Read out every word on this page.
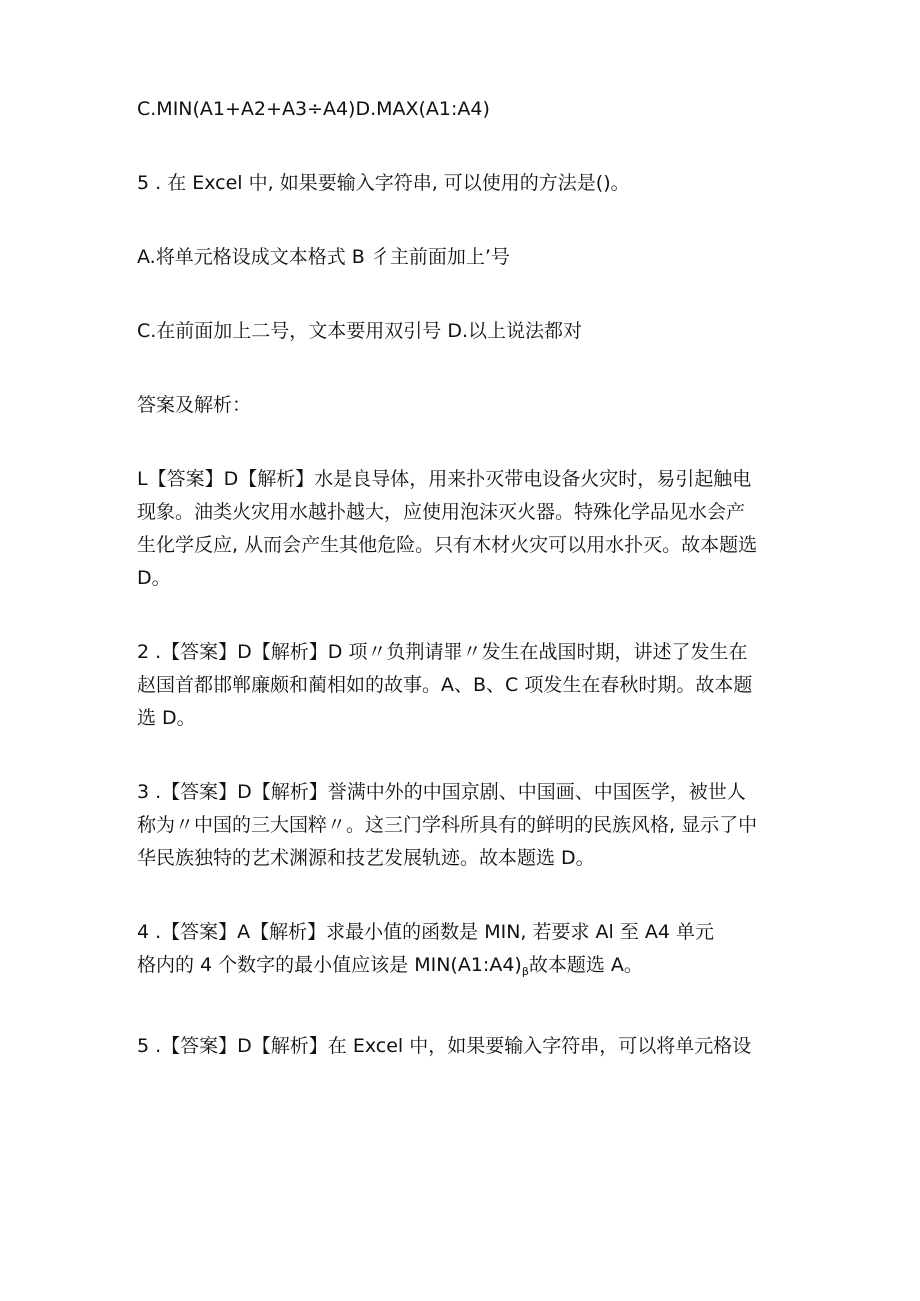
C.MIN(A1+A2+A3÷A4)D.MAX(A1:A4)
5 . 在 Excel 中, 如果要输入字符串, 可以使用的方法是()。
A.将单元格设成文本格式 B 彳主前面加上’号
C.在前面加上二号，文本要用双引号 D.以上说法都对
答案及解析：
L【答案】D【解析】水是良导体，用来扑灭带电设备火灾时，易引起触电
现象。油类火灾用水越扑越大，应使用泡沫灭火器。特殊化学品见水会产
生化学反应, 从而会产生其他危险。只有木材火灾可以用水扑灭。故本题选
D。
2 .【答案】D【解析】D 项〃负荆请罪〃发生在战国时期，讲述了发生在
赵国首都邯郸廉颇和蔺相如的故事。A、B、C 项发生在春秋时期。故本题
选 D。
3 .【答案】D【解析】誉满中外的中国京剧、中国画、中国医学，被世人
称为〃中国的三大国粹〃。这三门学科所具有的鲜明的民族风格, 显示了中
华民族独特的艺术渊源和技艺发展轨迹。故本题选 D。
4 .【答案】A【解析】求最小值的函数是 MIN, 若要求 Al 至 A4 单元
格内的 4 个数字的最小值应该是 $MIN(A1:A4)_\beta$故本题选 A。
5 .【答案】D【解析】在 Excel 中，如果要输入字符串，可以将单元格设
